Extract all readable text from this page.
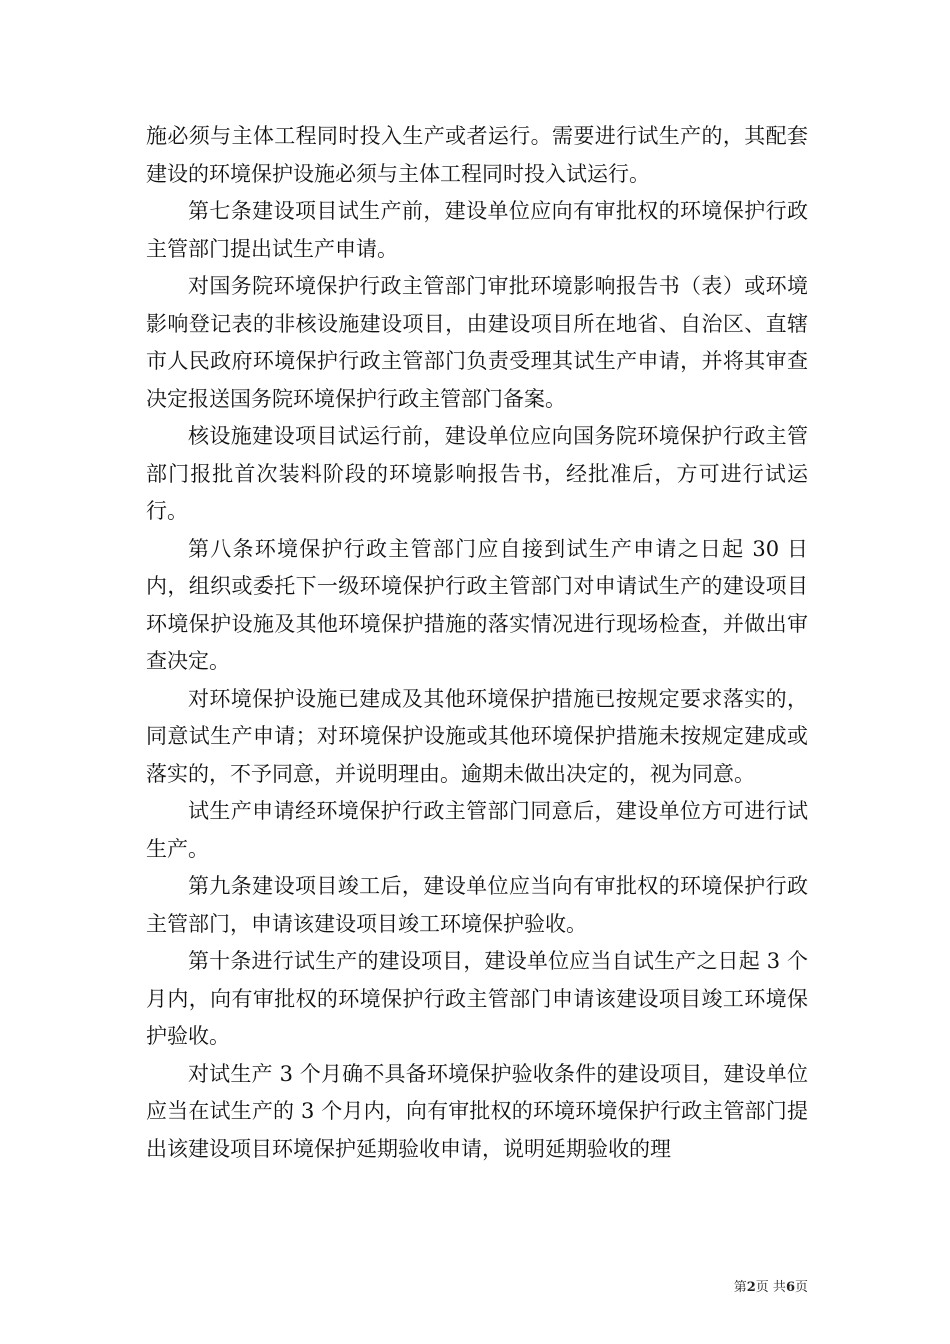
施必须与主体工程同时投入生产或者运行。需要进行试生产的，其配套建设的环境保护设施必须与主体工程同时投入试运行。

第七条建设项目试生产前，建设单位应向有审批权的环境保护行政主管部门提出试生产申请。

对国务院环境保护行政主管部门审批环境影响报告书（表）或环境影响登记表的非核设施建设项目，由建设项目所在地省、自治区、直辖市人民政府环境保护行政主管部门负责受理其试生产申请，并将其审查决定报送国务院环境保护行政主管部门备案。

核设施建设项目试运行前，建设单位应向国务院环境保护行政主管部门报批首次装料阶段的环境影响报告书，经批准后，方可进行试运行。

第八条环境保护行政主管部门应自接到试生产申请之日起 30 日内，组织或委托下一级环境保护行政主管部门对申请试生产的建设项目环境保护设施及其他环境保护措施的落实情况进行现场检查，并做出审查决定。

对环境保护设施已建成及其他环境保护措施已按规定要求落实的，同意试生产申请；对环境保护设施或其他环境保护措施未按规定建成或落实的，不予同意，并说明理由。逾期未做出决定的，视为同意。

试生产申请经环境保护行政主管部门同意后，建设单位方可进行试生产。

第九条建设项目竣工后，建设单位应当向有审批权的环境保护行政主管部门，申请该建设项目竣工环境保护验收。

第十条进行试生产的建设项目，建设单位应当自试生产之日起 3 个月内，向有审批权的环境保护行政主管部门申请该建设项目竣工环境保护验收。

对试生产 3 个月确不具备环境保护验收条件的建设项目，建设单位应当在试生产的 3 个月内，向有审批权的环境环境保护行政主管部门提出该建设项目环境保护延期验收申请，说明延期验收的理

第2页 共6页
